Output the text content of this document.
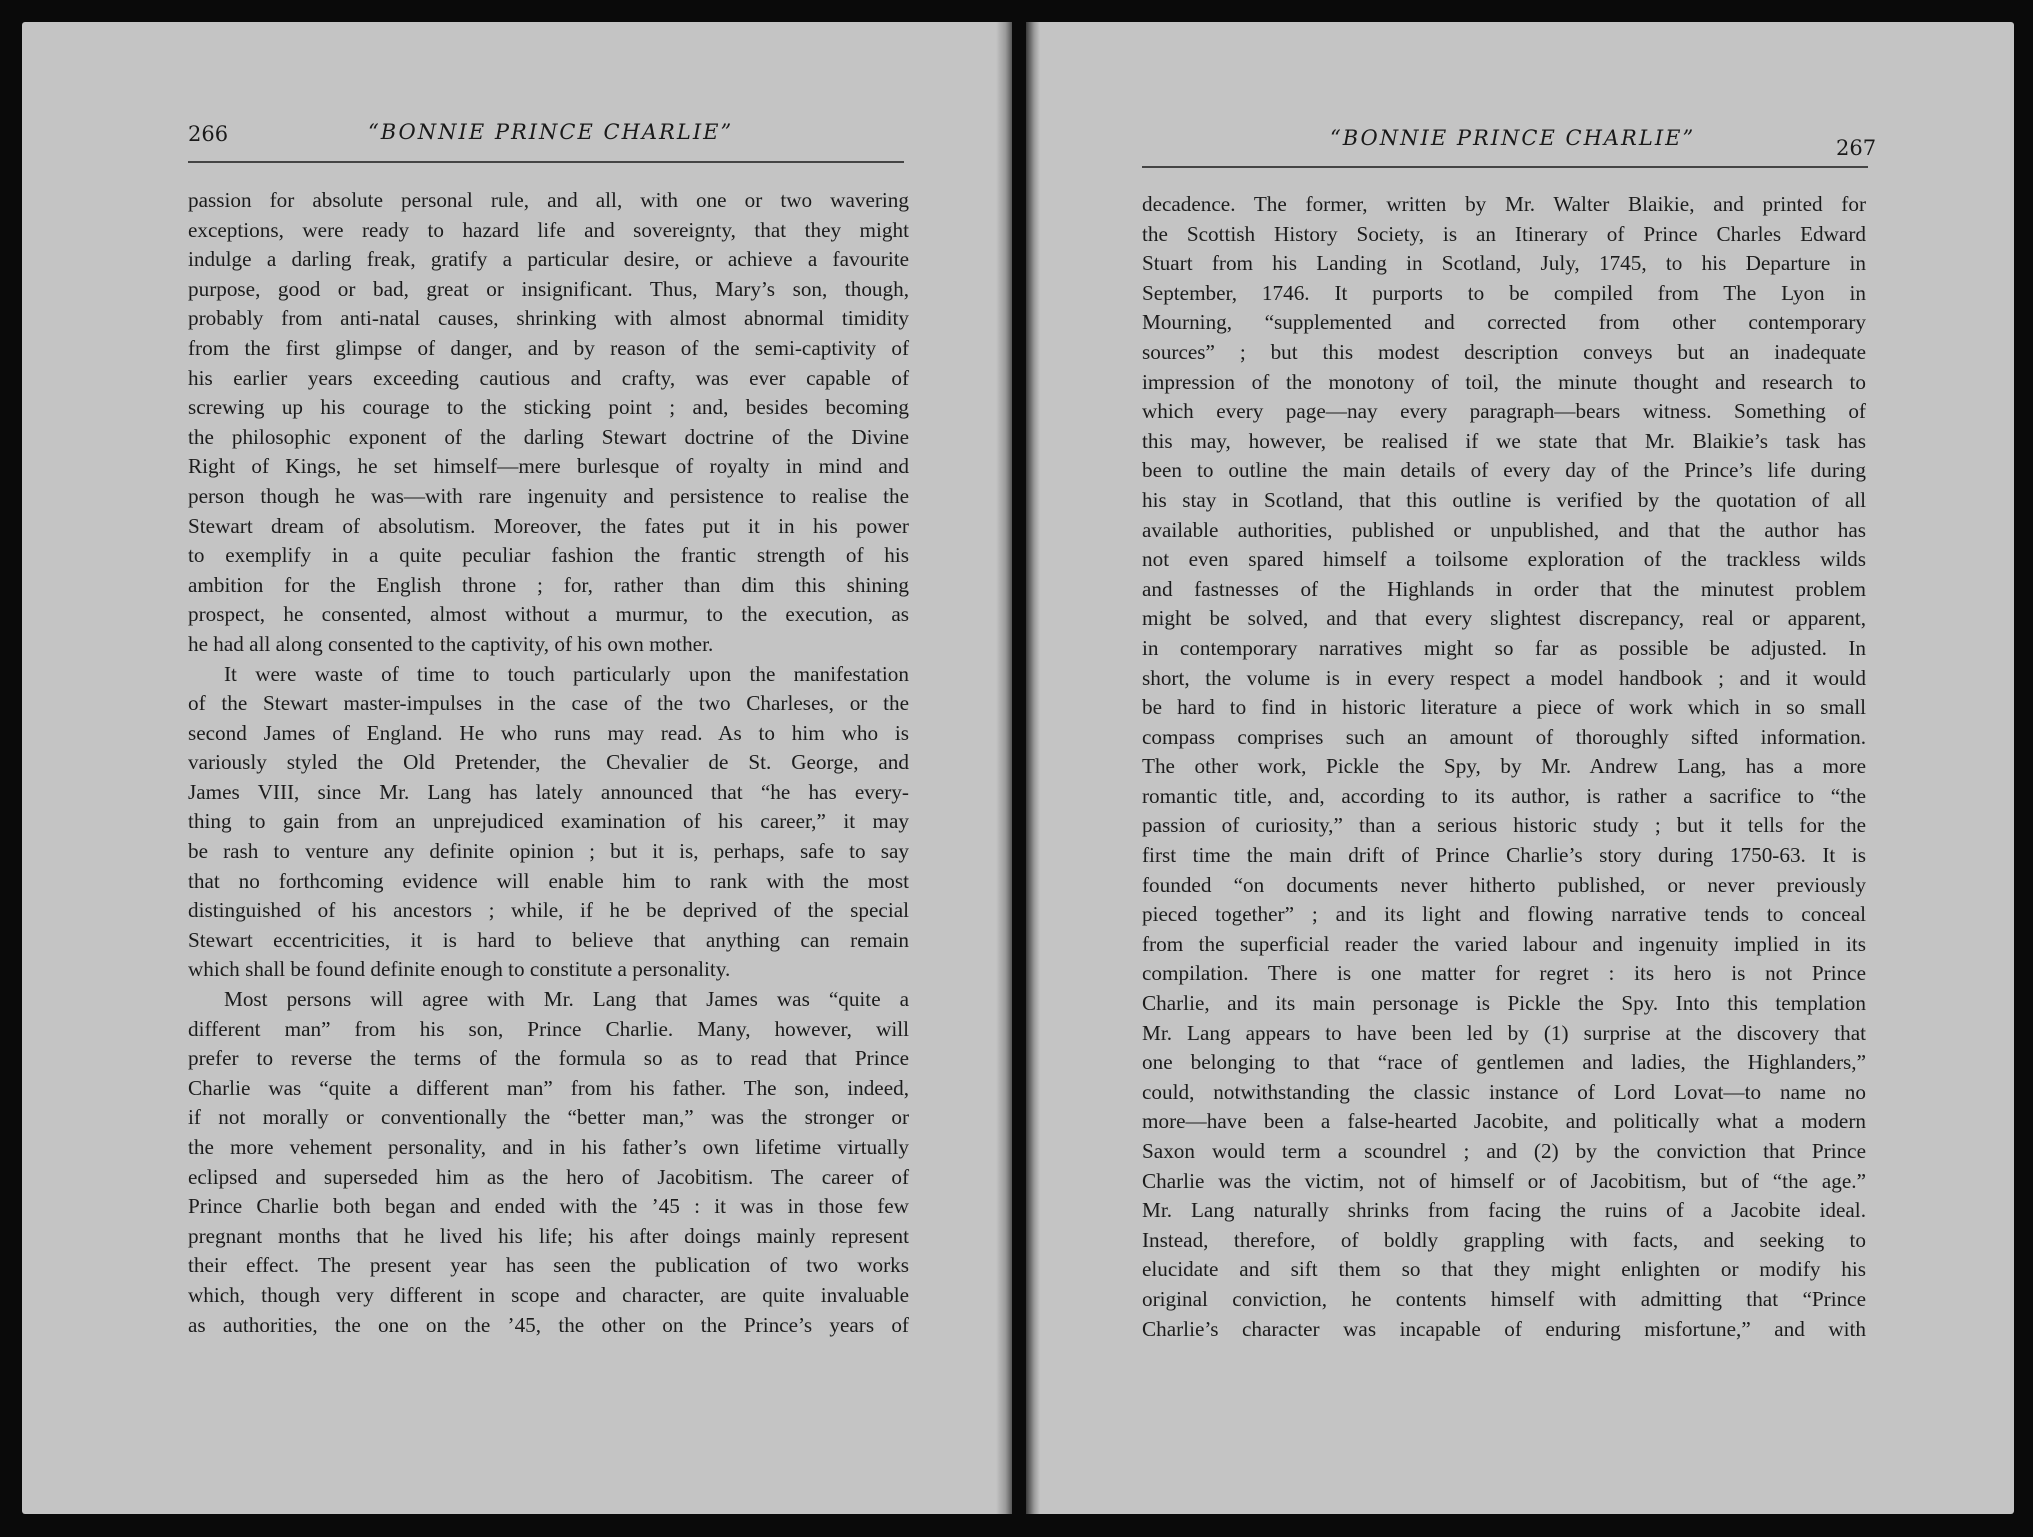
266	“BONNIE PRINCE CHARLIE”	“BONNIE PRINCE CHARLIE”	267

passion for absolute personal rule, and all, with one or two wavering

exceptions, were ready to hazard life and sovereignty, that they might

indulge a darling freak, gratify a particular desire, or achieve a favourite

purpose, good or bad, great or insignificant. Thus, Mary’s son, though,

probably from anti-natal causes, shrinking with almost abnormal timidity

from the first glimpse of danger, and by reason of the semi-captivity of

his earlier years exceeding cautious and crafty, was ever capable of

screwing up his courage to the sticking point ; and, besides becoming

the philosophic exponent of the darling Stewart doctrine of the Divine

Right of Kings, he set himself—mere burlesque of royalty in mind and

person though he was—with rare ingenuity and persistence to realise the

Stewart dream of absolutism. Moreover, the fates put it in his power

to exemplify in a quite peculiar fashion the frantic strength of his

ambition for the English throne ; for, rather than dim this shining

prospect, he consented, almost without a murmur, to the execution, as

he had all along consented to the captivity, of his own mother.

It were waste of time to touch particularly upon the manifestation

of the Stewart master-impulses in the case of the two Charleses, or the

second James of England. He who runs may read. As to him who is

variously styled the Old Pretender, the Chevalier de St. George, and

James VIII, since Mr. Lang has lately announced that “he has every-

thing to gain from an unprejudiced examination of his career,” it may

be rash to venture any definite opinion ; but it is, perhaps, safe to say

that no forthcoming evidence will enable him to rank with the most

distinguished of his ancestors ; while, if he be deprived of the special

Stewart eccentricities, it is hard to believe that anything can remain

which shall be found definite enough to constitute a personality.

Most persons will agree with Mr. Lang that James was “quite a

different man” from his son, Prince Charlie. Many, however, will

prefer to reverse the terms of the formula so as to read that Prince

Charlie was “quite a different man” from his father. The son, indeed,

if not morally or conventionally the “better man,” was the stronger or

the more vehement personality, and in his father’s own lifetime virtually

eclipsed and superseded him as the hero of Jacobitism. The career of

Prince Charlie both began and ended with the ’45 : it was in those few

pregnant months that he lived his life; his after doings mainly represent

their effect. The present year has seen the publication of two works

which, though very different in scope and character, are quite invaluable

as authorities, the one on the ’45, the other on the Prince’s years of

decadence. The former, written by Mr. Walter Blaikie, and printed for

the Scottish History Society, is an Itinerary of Prince Charles Edward

Stuart from his Landing in Scotland, July, 1745, to his Departure in

September, 1746. It purports to be compiled from The Lyon in

Mourning, “supplemented and corrected from other contemporary

sources” ; but this modest description conveys but an inadequate

impression of the monotony of toil, the minute thought and research to

which every page—nay every paragraph—bears witness. Something of

this may, however, be realised if we state that Mr. Blaikie’s task has

been to outline the main details of every day of the Prince’s life during

his stay in Scotland, that this outline is verified by the quotation of all

available authorities, published or unpublished, and that the author has

not even spared himself a toilsome exploration of the trackless wilds

and fastnesses of the Highlands in order that the minutest problem

might be solved, and that every slightest discrepancy, real or apparent,

in contemporary narratives might so far as possible be adjusted. In

short, the volume is in every respect a model handbook ; and it would

be hard to find in historic literature a piece of work which in so small

compass comprises such an amount of thoroughly sifted information.

The other work, Pickle the Spy, by Mr. Andrew Lang, has a more

romantic title, and, according to its author, is rather a sacrifice to “the

passion of curiosity,” than a serious historic study ; but it tells for the

first time the main drift of Prince Charlie’s story during 1750-63. It is

founded “on documents never hitherto published, or never previously

pieced together” ; and its light and flowing narrative tends to conceal

from the superficial reader the varied labour and ingenuity implied in its

compilation. There is one matter for regret : its hero is not Prince

Charlie, and its main personage is Pickle the Spy. Into this templation

Mr. Lang appears to have been led by (1) surprise at the discovery that

one belonging to that “race of gentlemen and ladies, the Highlanders,”

could, notwithstanding the classic instance of Lord Lovat—to name no

more—have been a false-hearted Jacobite, and politically what a modern

Saxon would term a scoundrel ; and (2) by the conviction that Prince

Charlie was the victim, not of himself or of Jacobitism, but of “the age.”

Mr. Lang naturally shrinks from facing the ruins of a Jacobite ideal.

Instead, therefore, of boldly grappling with facts, and seeking to

elucidate and sift them so that they might enlighten or modify his

original conviction, he contents himself with admitting that “Prince

Charlie’s character was incapable of enduring misfortune,” and with
